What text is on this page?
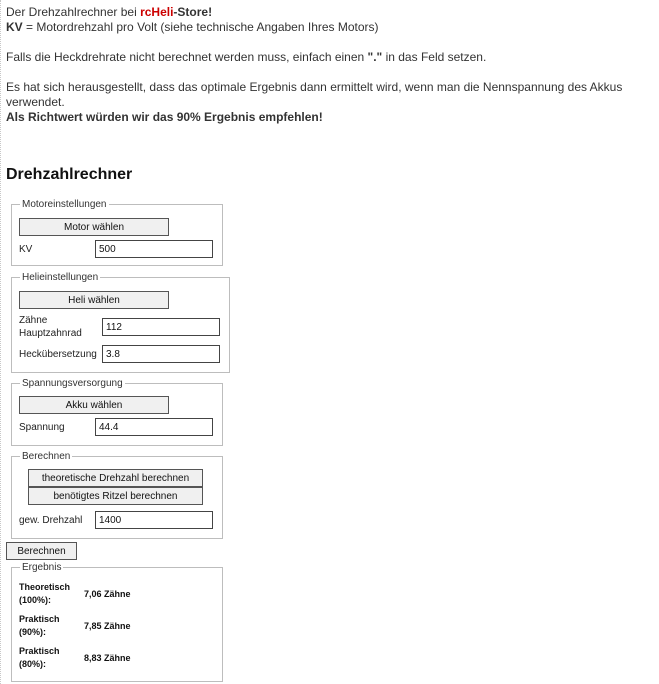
Der Drehzahlrechner bei rcHeli-Store!

KV = Motordrehzahl pro Volt (siehe technische Angaben Ihres Motors)

Falls die Heckdrehrate nicht berechnet werden muss, einfach einen "." in das Feld setzen.

Es hat sich herausgestellt, dass das optimale Ergebnis dann ermittelt wird, wenn man die Nennspannung des Akkus verwendet.

Als Richtwert würden wir das 90% Ergebnis empfehlen!

Drehzahlrechner
Motoreinstellungen
Motor wählen
KV
500
Helieinstellungen
Heli wählen
Zähne
Hauptzahnrad
112
Heckübersetzung
3.8
Spannungsversorgung
Akku wählen
Spannung
44.4
Berechnen
theoretische Drehzahl berechnen
benötigtes Ritzel berechnen
gew. Drehzahl
1400
Berechnen
Ergebnis
Theoretisch
(100%):
7,06 Zähne
Praktisch
(90%):
7,85 Zähne
Praktisch
(80%):
8,83 Zähne
